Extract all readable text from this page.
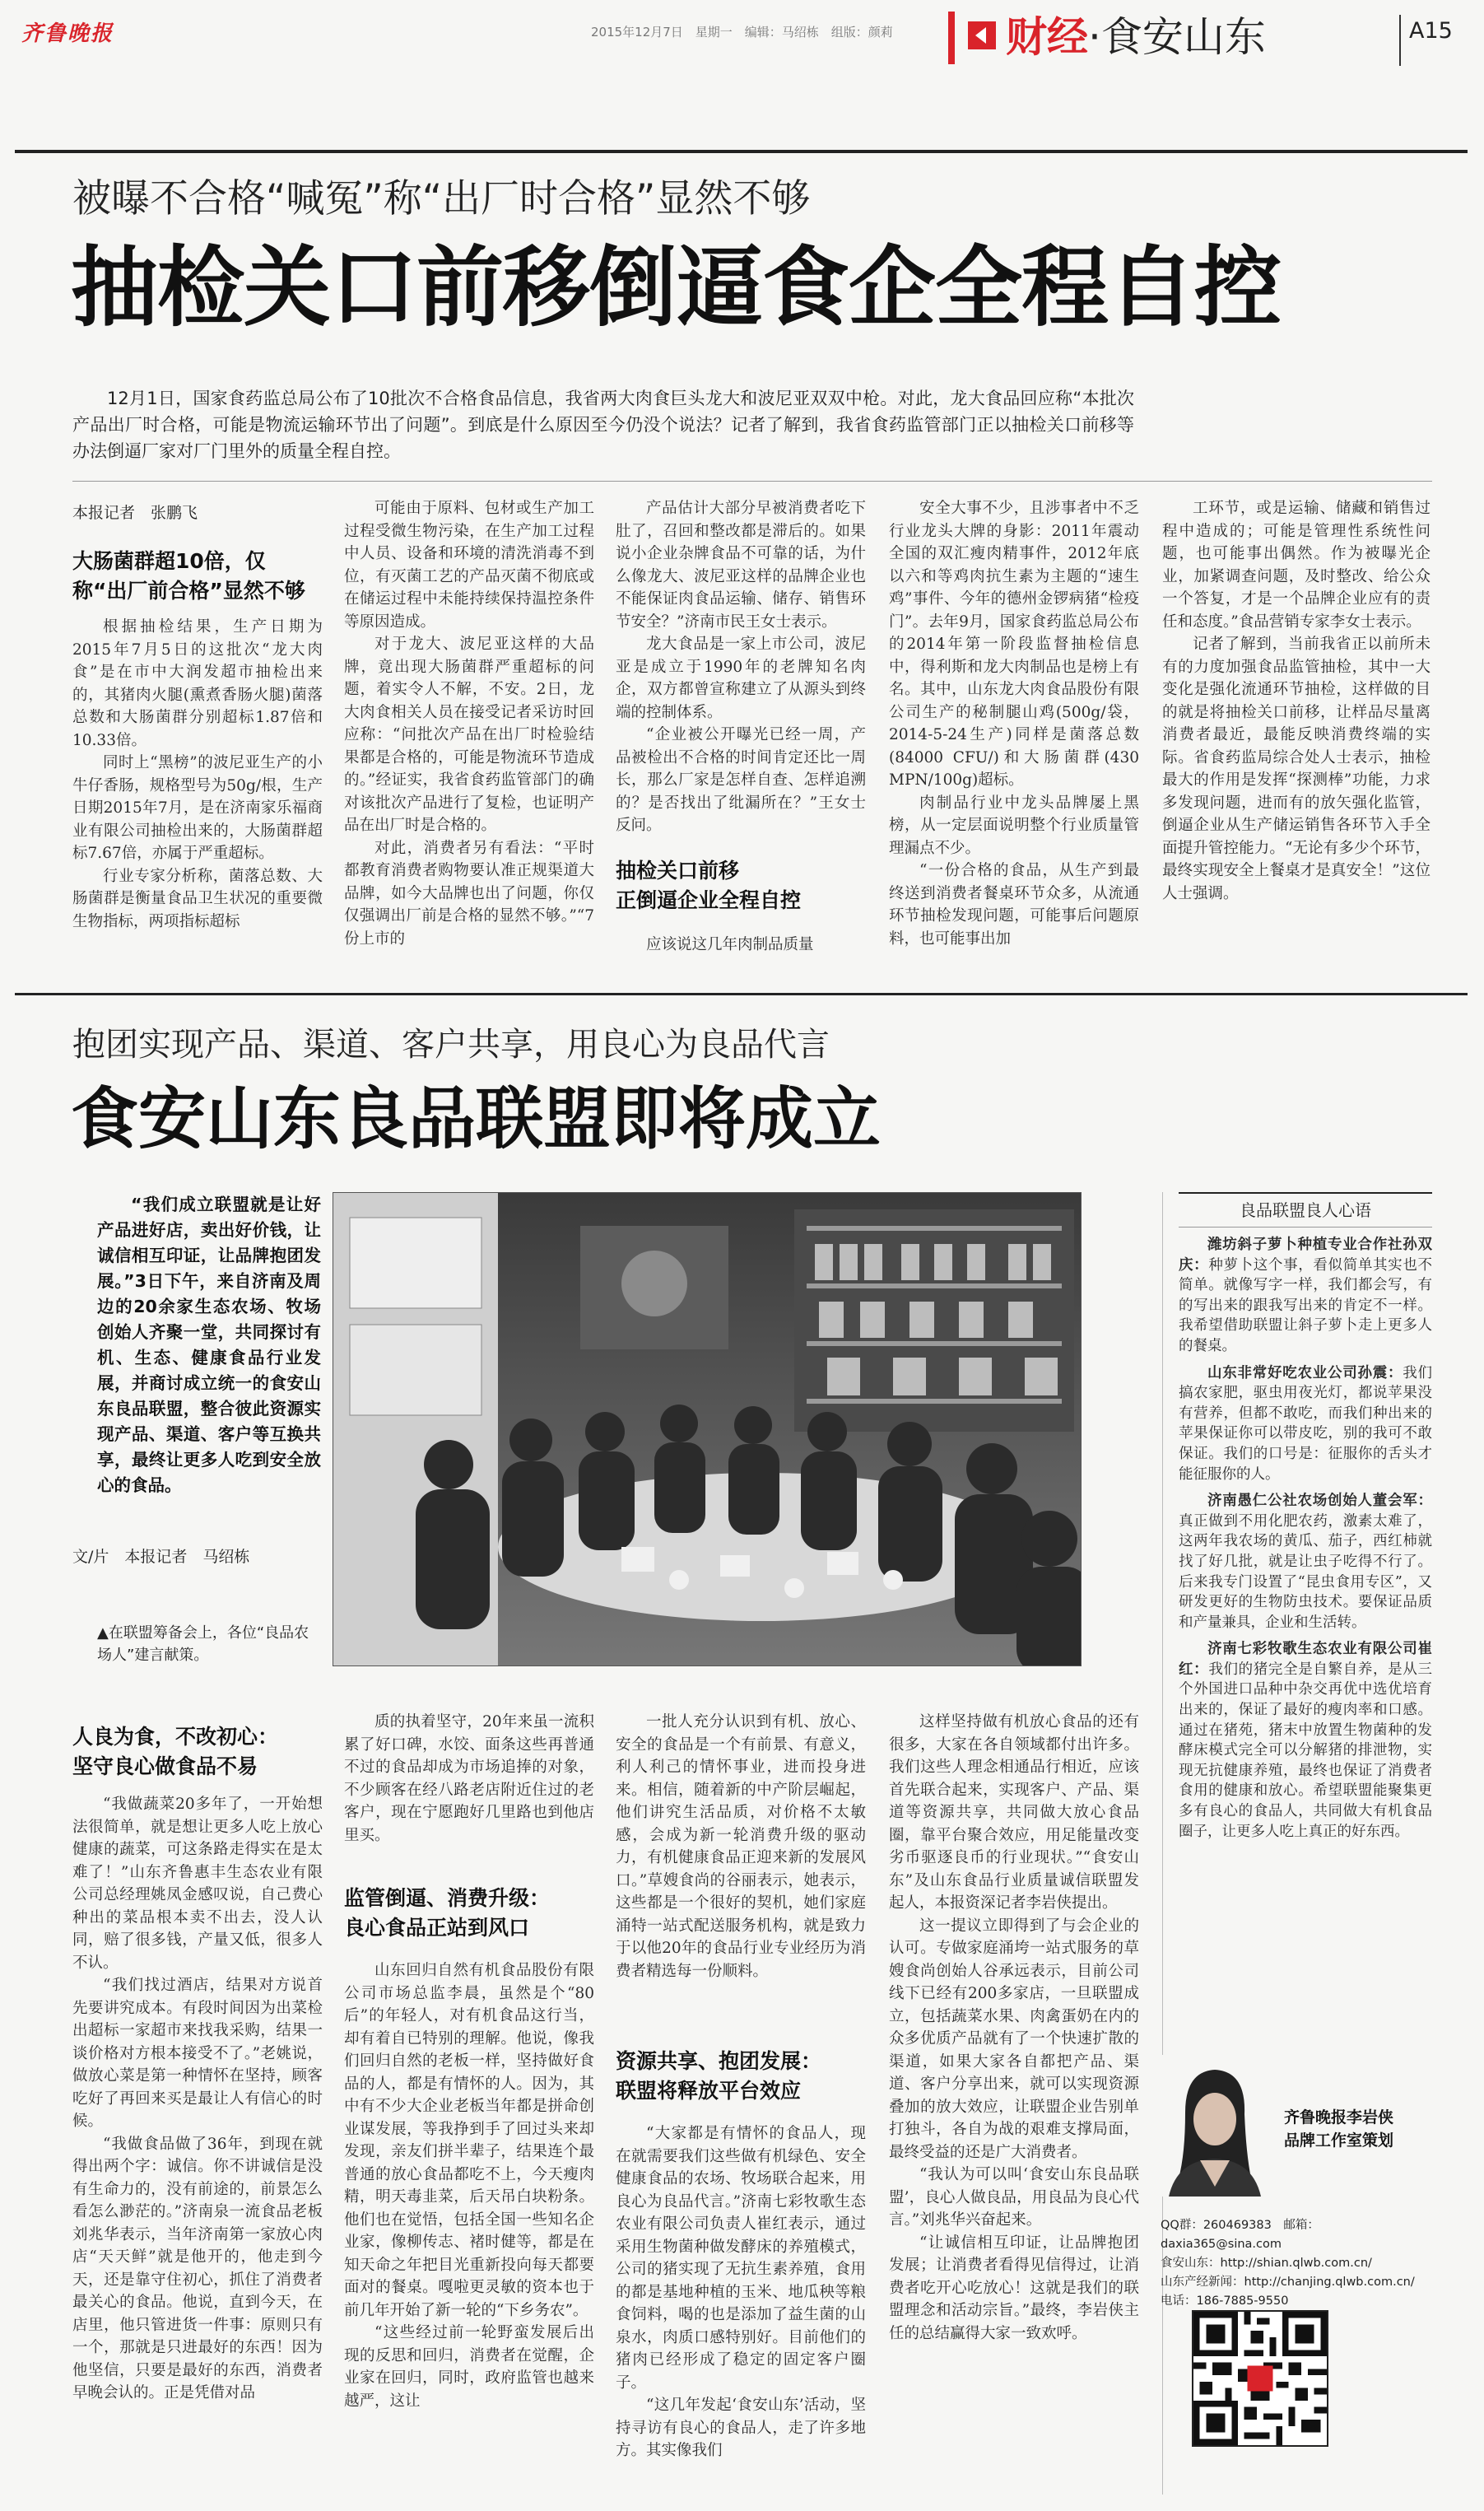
齐鲁晚报	2015年12月7日　星期一　编辑：马绍栋　组版：颜莉	财经·食安山东	A15
被曝不合格“喊冤”称“出厂时合格”显然不够
抽检关口前移倒逼食企全程自控
12月1日，国家食药监总局公布了10批次不合格食品信息，我省两大肉食巨头龙大和波尼亚双双中枪。对此，龙大食品回应称“本批次产品出厂时合格，可能是物流运输环节出了问题”。到底是什么原因至今仍没个说法？记者了解到，我省食药监管部门正以抽检关口前移等办法倒逼厂家对厂门里外的质量全程自控。
本报记者　张鹏飞
大肠菌群超10倍，仅称“出厂前合格”显然不够

根据抽检结果，生产日期为2015年7月5日的这批次“龙大肉食”是在市中大润发超市抽检出来的，其猪肉火腿(熏煮香肠火腿)菌落总数和大肠菌群分别超标1.87倍和10.33倍。

同时上“黑榜”的波尼亚生产的小牛仔香肠，规格型号为50g/根，生产日期2015年7月，是在济南家乐福商业有限公司抽检出来的，大肠菌群超标7.67倍，亦属于严重超标。

行业专家分析称，菌落总数、大肠菌群是衡量食品卫生状况的重要微生物指标，两项指标超标

可能由于原料、包材或生产加工过程受微生物污染，在生产加工过程中人员、设备和环境的清洗消毒不到位，有灭菌工艺的产品灭菌不彻底或在储运过程中未能持续保持温控条件等原因造成。

对于龙大、波尼亚这样的大品牌，竟出现大肠菌群严重超标的问题，着实令人不解，不安。2日，龙大肉食相关人员在接受记者采访时回应称：“问批次产品在出厂时检验结果都是合格的，可能是物流环节造成的。”经证实，我省食药监管部门的确对该批次产品进行了复检，也证明产品在出厂时是合格的。

对此，消费者另有看法：“平时都教育消费者购物要认准正规渠道大品牌，如今大品牌也出了问题，你仅仅强调出厂前是合格的显然不够。”“7份上市的

产品估计大部分早被消费者吃下肚了，召回和整改都是滞后的。如果说小企业杂牌食品不可靠的话，为什么像龙大、波尼亚这样的品牌企业也不能保证肉食品运输、储存、销售环节安全？”济南市民王女士表示。

龙大食品是一家上市公司，波尼亚是成立于1990年的老牌知名肉企，双方都曾宣称建立了从源头到终端的控制体系。

“企业被公开曝光已经一周，产品被检出不合格的时间肯定还比一周长，那么厂家是怎样自查、怎样追溯的？是否找出了纰漏所在？”王女士反问。

抽检关口前移
正倒逼企业全程自控

应该说这几年肉制品质量

安全大事不少，且涉事者中不乏行业龙头大牌的身影：2011年震动全国的双汇瘦肉精事件，2012年底以六和等鸡肉抗生素为主题的“速生鸡”事件、今年的德州金锣病猪“检疫门”。去年9月，国家食药监总局公布的2014年第一阶段监督抽检信息中，得利斯和龙大肉制品也是榜上有名。其中，山东龙大肉食品股份有限公司生产的秘制腿山鸡(500g/袋，2014-5-24生产)同样是菌落总数(84000 CFU/)和大肠菌群(430 MPN/100g)超标。

肉制品行业中龙头品牌屡上黑榜，从一定层面说明整个行业质量管理漏点不少。

“一份合格的食品，从生产到最终送到消费者餐桌环节众多，从流通环节抽检发现问题，可能事后问题原料，也可能事出加

工环节，或是运输、储藏和销售过程中造成的；可能是管理性系统性问题，也可能事出偶然。作为被曝光企业，加紧调查问题，及时整改、给公众一个答复，才是一个品牌企业应有的责任和态度。”食品营销专家李女士表示。

记者了解到，当前我省正以前所未有的力度加强食品监管抽检，其中一大变化是强化流通环节抽检，这样做的目的就是将抽检关口前移，让样品尽量离消费者最近，最能反映消费终端的实际。省食药监局综合处人士表示，抽检最大的作用是发挥“探测棒”功能，力求多发现问题，进而有的放矢强化监管，倒逼企业从生产储运销售各环节入手全面提升管控能力。“无论有多少个环节，最终实现安全上餐桌才是真安全！”这位人士强调。

抱团实现产品、渠道、客户共享，用良心为良品代言
食安山东良品联盟即将成立
“我们成立联盟就是让好产品进好店，卖出好价钱，让诚信相互印证，让品牌抱团发展。”3日下午，来自济南及周边的20余家生态农场、牧场创始人齐聚一堂，共同探讨有机、生态、健康食品行业发展，并商讨成立统一的食安山东良品联盟，整合彼此资源实现产品、渠道、客户等互换共享，最终让更多人吃到安全放心的食品。
文/片　本报记者　马绍栋
▲在联盟筹备会上，各位“良品农场人”建言献策。
人良为食，不改初心：
坚守良心做食品不易

“我做蔬菜20多年了，一开始想法很简单，就是想让更多人吃上放心健康的蔬菜，可这条路走得实在是太难了！”山东齐鲁惠丰生态农业有限公司总经理姚凤金感叹说，自己费心种出的菜品根本卖不出去，没人认同，赔了很多钱，产量又低，很多人不认。

“我们找过酒店，结果对方说首先要讲究成本。有段时间因为出菜检出超标一家超市来找我采购，结果一谈价格对方根本接受不了。”老姚说，做放心菜是第一种情怀在坚持，顾客吃好了再回来买是最让人有信心的时候。

“我做食品做了36年，到现在就得出两个字：诚信。你不讲诚信是没有生命力的，没有前途的，前景怎么看怎么渺茫的。”济南泉一流食品老板刘兆华表示，当年济南第一家放心肉店“天天鲜”就是他开的，他走到今天，还是靠守住初心，抓住了消费者最关心的食品。他说，直到今天，在店里，他只管进货一件事：原则只有一个，那就是只进最好的东西！因为他坚信，只要是最好的东西，消费者早晚会认的。正是凭借对品

质的执着坚守，20年来虽一流积累了好口碑，水饺、面条这些再普通不过的食品却成为市场追捧的对象，不少顾客在经八路老店附近住过的老客户，现在宁愿跑好几里路也到他店里买。

监管倒逼、消费升级：
良心食品正站到风口

山东回归自然有机食品股份有限公司市场总监李晨，虽然是个“80后”的年轻人，对有机食品这行当，却有着自已特别的理解。他说，像我们回归自然的老板一样，坚持做好食品的人，都是有情怀的人。因为，其中有不少大企业老板当年都是拼命创业谋发展，等我挣到手了回过头来却发现，亲友们拼半辈子，结果连个最普通的放心食品都吃不上，今天瘦肉精，明天毒韭菜，后天吊白块粉条。他们也在觉悟，包括全国一些知名企业家，像柳传志、褚时健等，都是在知天命之年把目光重新投向每天都要面对的餐桌。嘎啦更灵敏的资本也于前几年开始了新一轮的“下乡务农”。

“这些经过前一轮野蛮发展后出现的反思和回归，消费者在觉醒，企业家在回归，同时，政府监管也越来越严，这让

一批人充分认识到有机、放心、安全的食品是一个有前景、有意义，利人利己的情怀事业，进而投身进来。相信，随着新的中产阶层崛起，他们讲究生活品质，对价格不太敏感，会成为新一轮消费升级的驱动力，有机健康食品正迎来新的发展风口。”草嫂食尚的谷丽表示，她表示，这些都是一个很好的契机，她们家庭涌特一站式配送服务机构，就是致力于以他20年的食品行业专业经历为消费者精选每一份顺料。

资源共享、抱团发展：
联盟将释放平台效应

“大家都是有情怀的食品人，现在就需要我们这些做有机绿色、安全健康食品的农场、牧场联合起来，用良心为良品代言。”济南七彩牧歌生态农业有限公司负责人崔红表示，通过采用生物菌种做发酵床的养殖模式，公司的猪实现了无抗生素养殖，食用的都是基地种植的玉米、地瓜秧等粮食饲料，喝的也是添加了益生菌的山泉水，肉质口感特别好。目前他们的猪肉已经形成了稳定的固定客户圈子。

“这几年发起‘食安山东’活动，坚持寻访有良心的食品人，走了许多地方。其实像我们

这样坚持做有机放心食品的还有很多，大家在各自领域都付出许多。我们这些人理念相通品行相近，应该首先联合起来，实现客户、产品、渠道等资源共享，共同做大放心食品圈，靠平台聚合效应，用足能量改变劣币驱逐良币的行业现状。”“食安山东”及山东食品行业质量诚信联盟发起人，本报资深记者李岩侠提出。

这一提议立即得到了与会企业的认可。专做家庭涌垮一站式服务的草嫂食尚创始人谷承远表示，目前公司线下已经有200多家店，一旦联盟成立，包括蔬菜水果、肉禽蛋奶在内的众多优质产品就有了一个快速扩散的渠道，如果大家各自都把产品、渠道、客户分享出来，就可以实现资源叠加的放大效应，让联盟企业告别单打独斗，各自为战的艰难支撑局面，最终受益的还是广大消费者。

“我认为可以叫‘食安山东良品联盟’，良心人做良品，用良品为良心代言。”刘兆华兴奋起来。

“让诚信相互印证，让品牌抱团发展；让消费者看得见信得过，让消费者吃开心吃放心！这就是我们的联盟理念和活动宗旨。”最终，李岩侠主任的总结赢得大家一致欢呼。

良品联盟良人心语

潍坊斜子萝卜种植专业合作社孙双庆：种萝卜这个事，看似简单其实也不简单。就像写字一样，我们都会写，有的写出来的跟我写出来的肯定不一样。我希望借助联盟让斜子萝卜走上更多人的餐桌。

山东非常好吃农业公司孙震：我们搞农家肥，驱虫用夜光灯，都说苹果没有营养，但都不敢吃，而我们种出来的苹果保证你可以带皮吃，别的我可不敢保证。我们的口号是：征服你的舌头才能征服你的人。

济南愚仁公社农场创始人董会军：真正做到不用化肥农药，激素太难了，这两年我农场的黄瓜、茄子，西红柿就找了好几批，就是让虫子吃得不行了。后来我专门设置了“昆虫食用专区”，又研发更好的生物防虫技术。要保证品质和产量兼具，企业和生活转。

济南七彩牧歌生态农业有限公司崔红：我们的猪完全是自繁自养，是从三个外国进口品种中杂交再优中选优培育出来的，保证了最好的瘦肉率和口感。通过在猪苑，猪末中放置生物菌种的发酵床模式完全可以分解猪的排泄物，实现无抗健康养殖，最终也保证了消费者食用的健康和放心。希望联盟能聚集更多有良心的食品人，共同做大有机食品圈子，让更多人吃上真正的好东西。

齐鲁晚报李岩侠
品牌工作室策划
QQ群：260469383　邮箱：daxia365@sina.com
食安山东：http://shian.qlwb.com.cn/
山东产经新闻：http://chanjing.qlwb.com.cn/
电话：186-7885-9550
